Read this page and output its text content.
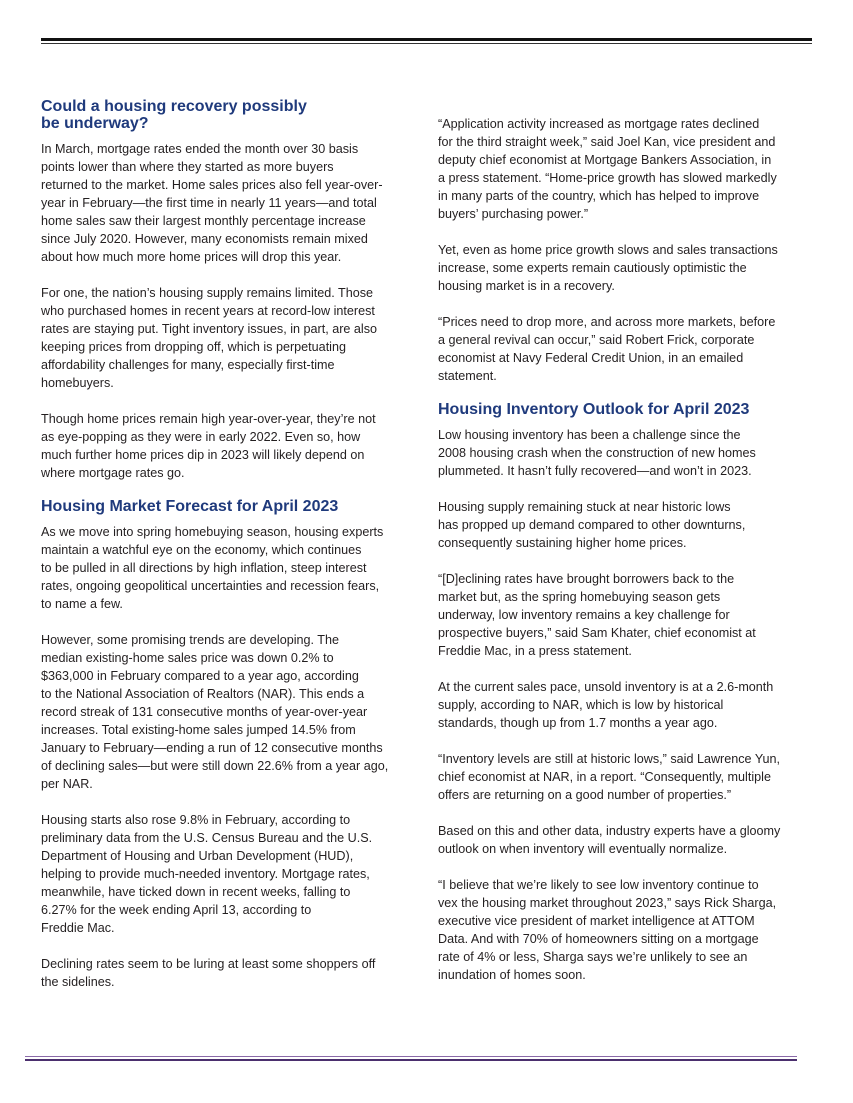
Could a housing recovery possibly
be underway?
In March, mortgage rates ended the month over 30 basis
points lower than where they started as more buyers
returned to the market. Home sales prices also fell year-over-
year in February—the first time in nearly 11 years—and total
home sales saw their largest monthly percentage increase
since July 2020. However, many economists remain mixed
about how much more home prices will drop this year.
For one, the nation’s housing supply remains limited. Those
who purchased homes in recent years at record-low interest
rates are staying put. Tight inventory issues, in part, are also
keeping prices from dropping off, which is perpetuating
affordability challenges for many, especially first-time
homebuyers.
Though home prices remain high year-over-year, they’re not
as eye-popping as they were in early 2022. Even so, how
much further home prices dip in 2023 will likely depend on
where mortgage rates go.
Housing Market Forecast for April 2023
As we move into spring homebuying season, housing experts
maintain a watchful eye on the economy, which continues
to be pulled in all directions by high inflation, steep interest
rates, ongoing geopolitical uncertainties and recession fears,
to name a few.
However, some promising trends are developing. The
median existing-home sales price was down 0.2% to
$363,000 in February compared to a year ago, according
to the National Association of Realtors (NAR). This ends a
record streak of 131 consecutive months of year-over-year
increases. Total existing-home sales jumped 14.5% from
January to February—ending a run of 12 consecutive months
of declining sales—but were still down 22.6% from a year ago,
per NAR.
Housing starts also rose 9.8% in February, according to
preliminary data from the U.S. Census Bureau and the U.S.
Department of Housing and Urban Development (HUD),
helping to provide much-needed inventory. Mortgage rates,
meanwhile, have ticked down in recent weeks, falling to
6.27% for the week ending April 13, according to
Freddie Mac.
Declining rates seem to be luring at least some shoppers off
the sidelines.
“Application activity increased as mortgage rates declined
for the third straight week,” said Joel Kan, vice president and
deputy chief economist at Mortgage Bankers Association, in
a press statement. “Home-price growth has slowed markedly
in many parts of the country, which has helped to improve
buyers’ purchasing power.”
Yet, even as home price growth slows and sales transactions
increase, some experts remain cautiously optimistic the
housing market is in a recovery.
“Prices need to drop more, and across more markets, before
a general revival can occur,” said Robert Frick, corporate
economist at Navy Federal Credit Union, in an emailed
statement.
Housing Inventory Outlook for April 2023
Low housing inventory has been a challenge since the
2008 housing crash when the construction of new homes
plummeted. It hasn’t fully recovered—and won’t in 2023.
Housing supply remaining stuck at near historic lows
has propped up demand compared to other downturns,
consequently sustaining higher home prices.
“[D]eclining rates have brought borrowers back to the
market but, as the spring homebuying season gets
underway, low inventory remains a key challenge for
prospective buyers,” said Sam Khater, chief economist at
Freddie Mac, in a press statement.
At the current sales pace, unsold inventory is at a 2.6-month
supply, according to NAR, which is low by historical
standards, though up from 1.7 months a year ago.
“Inventory levels are still at historic lows,” said Lawrence Yun,
chief economist at NAR, in a report. “Consequently, multiple
offers are returning on a good number of properties.”
Based on this and other data, industry experts have a gloomy
outlook on when inventory will eventually normalize.
“I believe that we’re likely to see low inventory continue to
vex the housing market throughout 2023,” says Rick Sharga,
executive vice president of market intelligence at ATTOM
Data. And with 70% of homeowners sitting on a mortgage
rate of 4% or less, Sharga says we’re unlikely to see an
inundation of homes soon.
